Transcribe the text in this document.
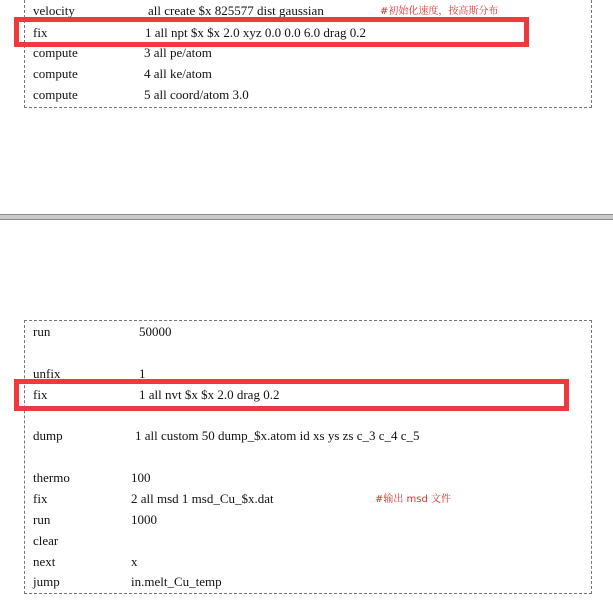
velocity	all create $x 825577 dist gaussian	#初始化速度，按高斯分布
fix	1 all npt $x $x 2.0 xyz 0.0 0.0 6.0 drag 0.2
compute	3 all pe/atom
compute	4 all ke/atom
compute	5 all coord/atom 3.0
run	50000
unfix	1
fix	1 all nvt $x $x 2.0 drag 0.2
dump	1 all custom 50 dump_$x.atom id xs ys zs c_3 c_4 c_5
thermo	100
fix	2 all msd 1 msd_Cu_$x.dat	#输出 msd 文件
run	1000
clear
next	x
jump	in.melt_Cu_temp
